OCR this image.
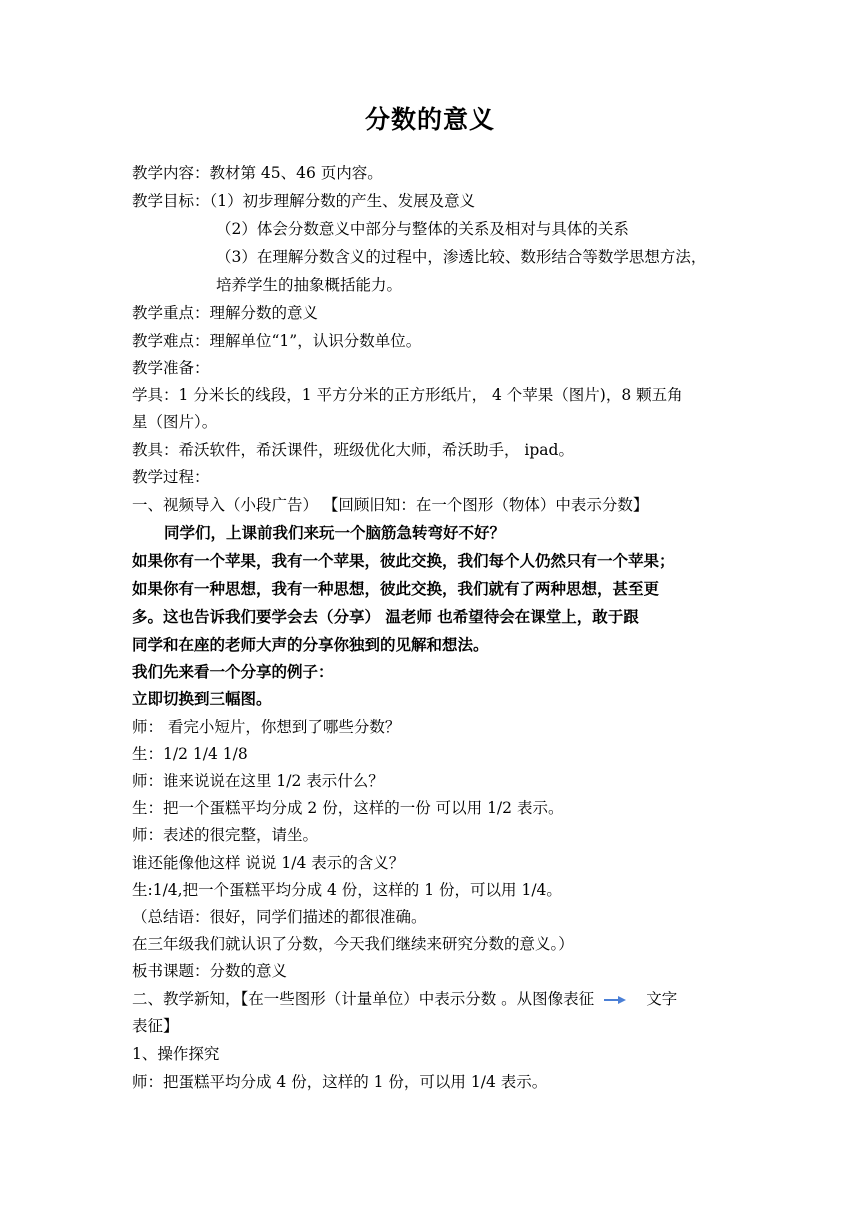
分数的意义
教学内容：教材第 45、46 页内容。
教学目标：（1）初步理解分数的产生、发展及意义
（2）体会分数意义中部分与整体的关系及相对与具体的关系
（3）在理解分数含义的过程中，渗透比较、数形结合等数学思想方法，
培养学生的抽象概括能力。
教学重点：理解分数的意义
教学难点：理解单位“1”，认识分数单位。
教学准备：
学具：1 分米长的线段，1 平方分米的正方形纸片， 4 个苹果（图片)，8 颗五角
星（图片）。
教具：希沃软件，希沃课件，班级优化大师，希沃助手， ipad。
教学过程：
一、视频导入（小段广告） 【回顾旧知：在一个图形（物体）中表示分数】
同学们，上课前我们来玩一个脑筋急转弯好不好？
如果你有一个苹果，我有一个苹果，彼此交换，我们每个人仍然只有一个苹果；
如果你有一种思想，我有一种思想，彼此交换，我们就有了两种思想，甚至更
多。这也告诉我们要学会去（分享） 温老师 也希望待会在课堂上，敢于跟
同学和在座的老师大声的分享你独到的见解和想法。
我们先来看一个分享的例子：
立即切换到三幅图。
师： 看完小短片，你想到了哪些分数？
生：1/2 1/4 1/8
师：谁来说说在这里 1/2 表示什么？
生：把一个蛋糕平均分成 2 份，这样的一份 可以用 1/2 表示。
师：表述的很完整，请坐。
谁还能像他这样 说说 1/4 表示的含义？
生:1/4,把一个蛋糕平均分成 4 份，这样的 1 份，可以用 1/4。
（总结语：很好，同学们描述的都很准确。
在三年级我们就认识了分数，今天我们继续来研究分数的意义。）
板书课题：分数的意义
二、教学新知，【在一些图形（计量单位）中表示分数 。从图像表征	文字
表征】
1、操作探究
师：把蛋糕平均分成 4 份，这样的 1 份，可以用 1/4 表示。
